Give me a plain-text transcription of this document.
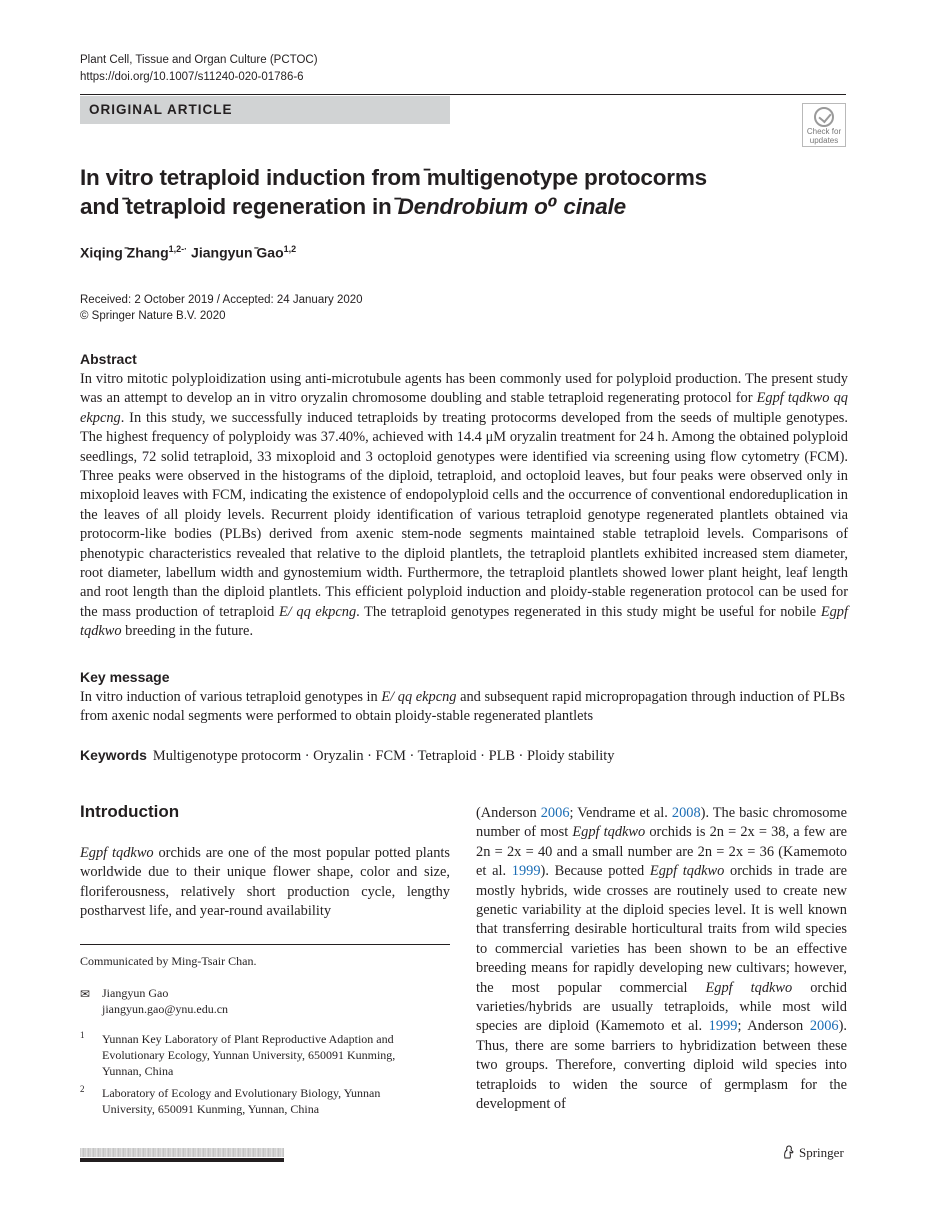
Plant Cell, Tissue and Organ Culture (PCTOC)
https://doi.org/10.1007/s11240-020-01786-6
ORIGINAL ARTICLE
Check for
updates
In vitro tetraploid induction from ̄multigenotype protocorms
and ̄tetraploid regeneration in ̄Dendrobium o⁰ cinale
Xiqing ̄Zhang$^{1,2-\cdot}$ Jiangyun ̄Gao$^{1,2}$
Received: 2 October 2019 / Accepted: 24 January 2020
© Springer Nature B.V. 2020
Abstract
In vitro mitotic polyploidization using anti-microtubule agents has been commonly used for polyploid production. The present study was an attempt to develop an in vitro oryzalin chromosome doubling and stable tetraploid regenerating protocol for Egpf tqdkwo qq ekpcng. In this study, we successfully induced tetraploids by treating protocorms developed from the seeds of multiple genotypes. The highest frequency of polyploidy was 37.40%, achieved with 14.4 μM oryzalin treatment for 24 h. Among the obtained polyploid seedlings, 72 solid tetraploid, 33 mixoploid and 3 octoploid genotypes were identified via screening using flow cytometry (FCM). Three peaks were observed in the histograms of the diploid, tetraploid, and octoploid leaves, but four peaks were observed only in mixoploid leaves with FCM, indicating the existence of endopolyploid cells and the occurrence of conventional endoreduplication in the leaves of all ploidy levels. Recurrent ploidy identification of various tetraploid genotype regenerated plantlets obtained via protocorm-like bodies (PLBs) derived from axenic stem-node segments maintained stable tetraploid levels. Comparisons of phenotypic characteristics revealed that relative to the diploid plantlets, the tetraploid plantlets exhibited increased stem diameter, root diameter, labellum width and gynostemium width. Furthermore, the tetraploid plantlets showed lower plant height, leaf length and root length than the diploid plantlets. This efficient polyploid induction and ploidy-stable regeneration protocol can be used for the mass production of tetraploid E/ qq ekpcng. The tetraploid genotypes regenerated in this study might be useful for nobile Egpf tqdkwo breeding in the future.
Key message
In vitro induction of various tetraploid genotypes in E/ qq ekpcng and subsequent rapid micropropagation through induction of PLBs from axenic nodal segments were performed to obtain ploidy-stable regenerated plantlets
Keywords Multigenotype protocorm · Oryzalin · FCM · Tetraploid · PLB · Ploidy stability
Introduction
Egpf tqdkwo orchids are one of the most popular potted plants worldwide due to their unique flower shape, color and size, floriferousness, relatively short production cycle, lengthy postharvest life, and year-round availability
(Anderson 2006; Vendrame et al. 2008). The basic chromosome number of most Egpf tqdkwo orchids is 2n = 2x = 38, a few are 2n = 2x = 40 and a small number are 2n = 2x = 36 (Kamemoto et al. 1999). Because potted Egpf tqdkwo orchids in trade are mostly hybrids, wide crosses are routinely used to create new genetic variability at the diploid species level. It is well known that transferring desirable horticultural traits from wild species to commercial varieties has been shown to be an effective breeding means for rapidly developing new cultivars; however, the most popular commercial Egpf tqdkwo orchid varieties/hybrids are usually tetraploids, while most wild species are diploid (Kamemoto et al. 1999; Anderson 2006). Thus, there are some barriers to hybridization between these two groups. Therefore, converting diploid wild species into tetraploids to widen the source of germplasm for the development of
Communicated by Ming-Tsair Chan.
✉ Jiangyun Gao
jiangyun.gao@ynu.edu.cn
1 Yunnan Key Laboratory of Plant Reproductive Adaption and Evolutionary Ecology, Yunnan University, 650091 Kunming, Yunnan, China
2 Laboratory of Ecology and Evolutionary Biology, Yunnan University, 650091 Kunming, Yunnan, China
Springer
